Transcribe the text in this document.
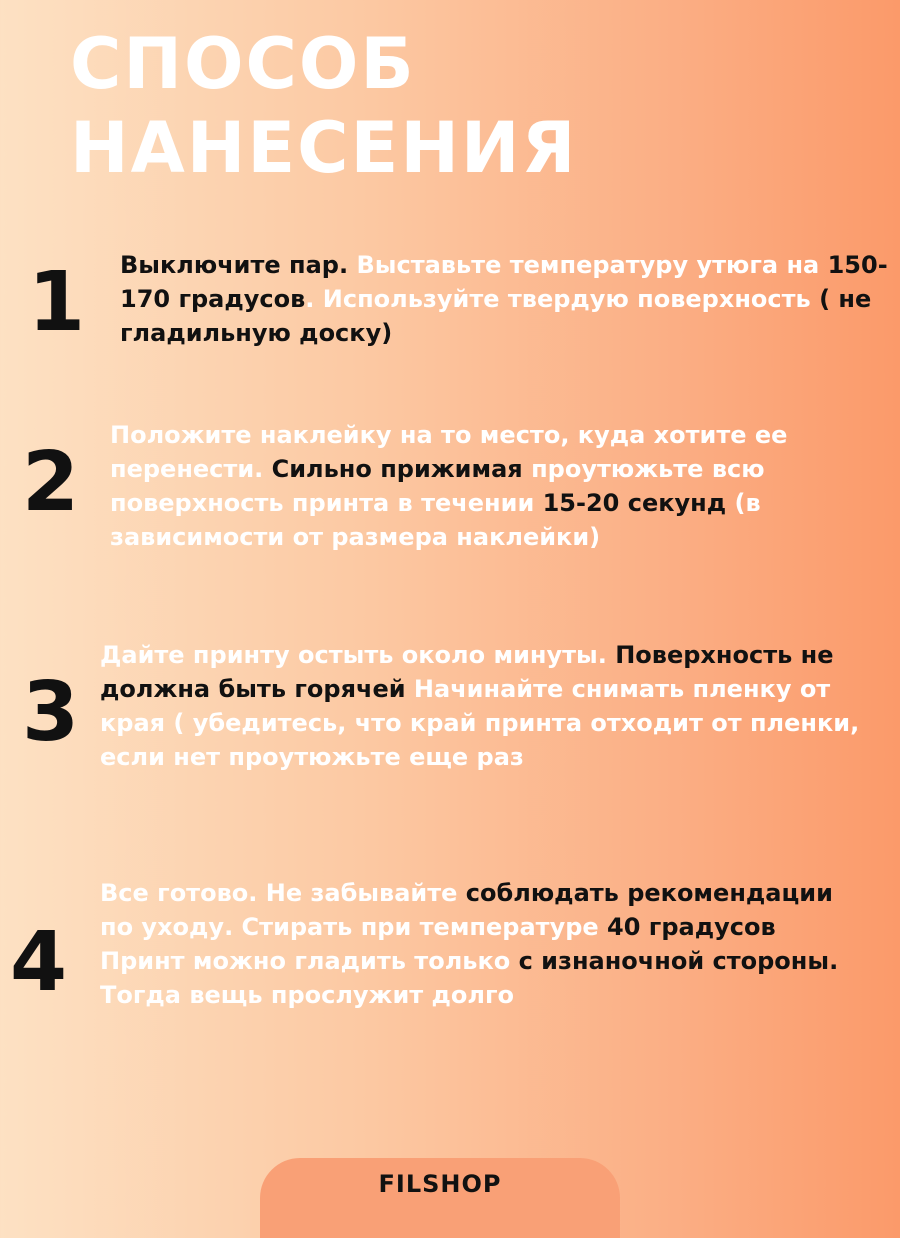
СПОСОБ
НАНЕСЕНИЯ
1 Выключите пар. Выставьте температуру утюга на 150-170 градусов. Используйте твердую поверхность ( не гладильную доску)
2 Положите наклейку на то место, куда хотите ее перенести. Сильно прижимая проутюжьте всю поверхность принта в течении 15-20 секунд (в зависимости от размера наклейки)
3
Дайте принту остыть около минуты. Поверхность не должна быть горячей Начинайте снимать пленку от края ( убедитесь, что край принта отходит от пленки, если нет проутюжьте еще раз
4
Все готово. Не забывайте соблюдать рекомендации по уходу. Стирать при температуре 40 градусов Принт можно гладить только с изнаночной стороны. Тогда вещь прослужит долго
FILSHOP
